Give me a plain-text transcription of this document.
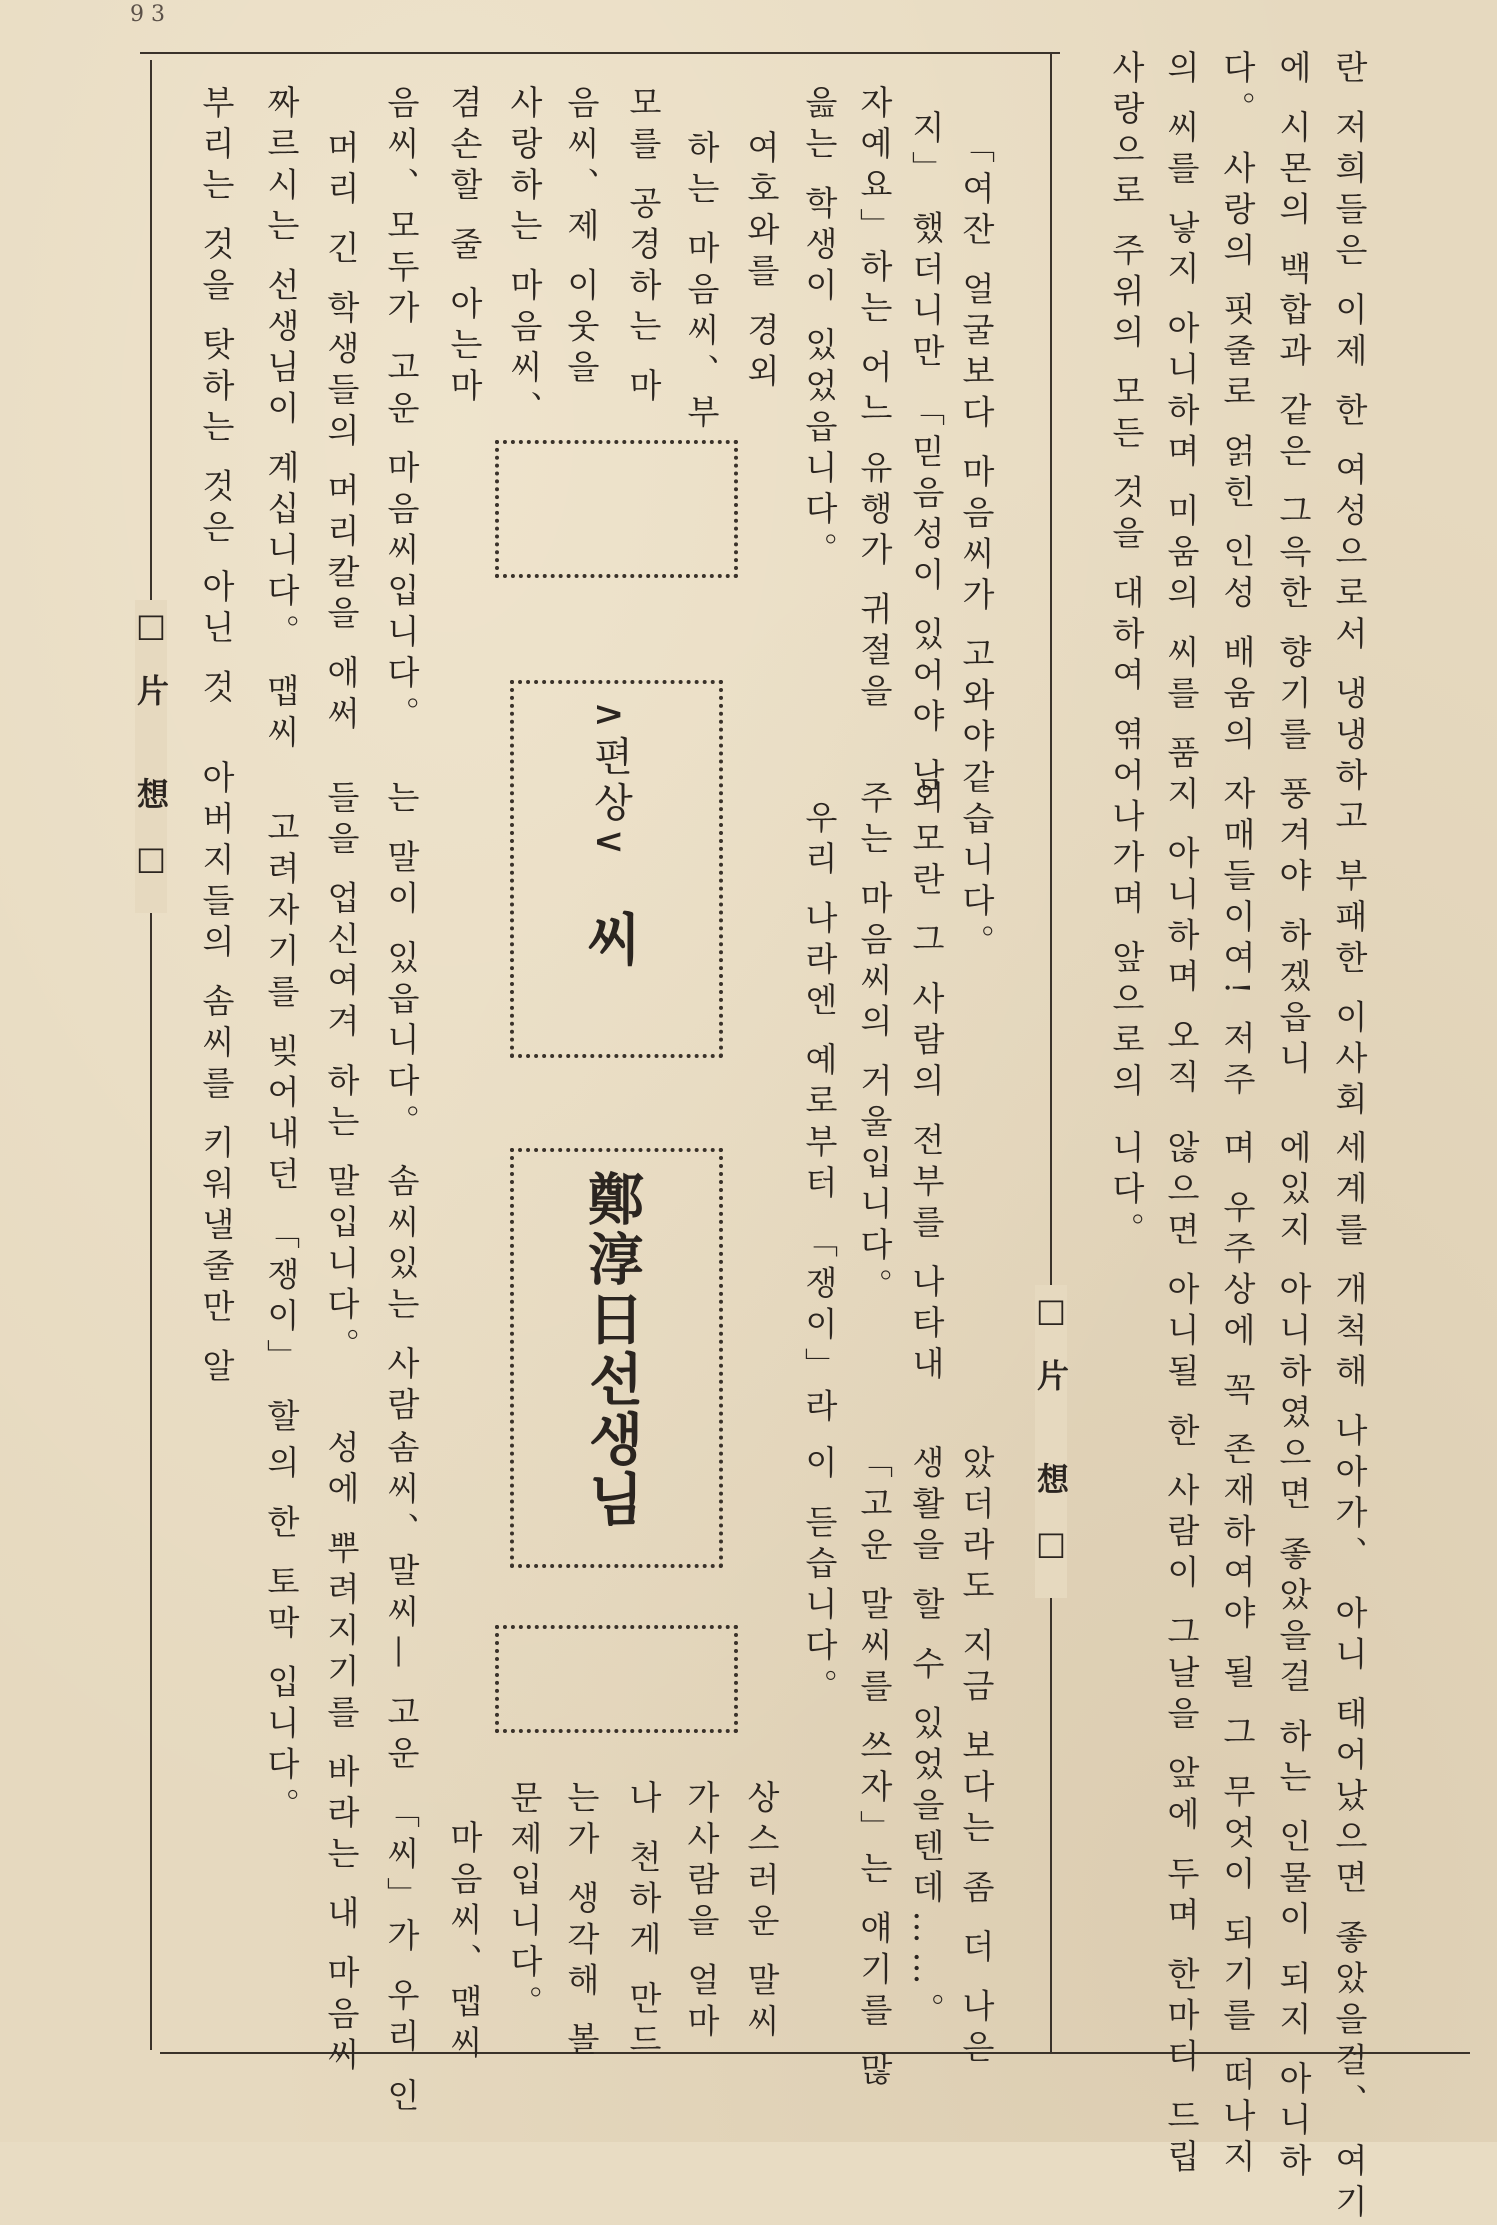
9 3
란 저희들은 이제 한 여성으로서 냉냉하고 부패한 이사회
에 시몬의 백합과 같은 그윽한 향기를 풍겨야 하겠읍니
다。 사랑의 핏줄로 얽힌 인성 배움의 자매들이여! 저주
의 씨를 낳지 아니하며 미움의 씨를 품지 아니하며 오직
사랑으로 주위의 모든 것을 대하여 엮어나가며 앞으로의
□片 想□	세계를 개척해 나아가、 아니 태어났으면 좋았을걸、 여기
에있지 아니하였으면 좋았을걸 하는 인물이 되지 아니하
며 우주상에 꼭 존재하여야 될 그 무엇이 되기를 떠나지
않으면 아니될 한 사람이 그날을 앞에 두며 한마디 드립
니다。
□片 想□	∧편상∨
씨
鄭淳日선생님
「여잔 얼굴보다 마음씨가 고와야
지」 했더니만 「믿음성이 있어야 남
자예요」하는 어느 유행가 귀절을
읊는 학생이 있었읍니다。
여호와를 경외
하는 마음씨、부
모를 공경하는 마
음씨、제 이웃을
사랑하는 마음씨、
겸손할 줄 아는마
음씨、모두가 고운 마음씨입니다。
머리 긴 학생들의 머리칼을 애써
짜르시는 선생님이 계십니다。 맵씨
부리는 것을 탓하는 것은 아닌 것
같습니다。
외모란 그 사람의 전부를 나타내
주는 마음씨의 거울입니다。
우리 나라엔 예로부터 「쟁이」라
는 말이 있읍니다。 솜씨있는 사람
들을 업신여겨 하는 말입니다。
고려자기를 빚어내던 「쟁이」 할
아버지들의 솜씨를 키워낼줄만 알
았더라도 지금 보다는 좀 더 나은
생활을 할 수 있었을텐데……。
「고운 말씨를 쓰자」는 얘기를 많
이 듣습니다。
상스러운 말씨
가사람을 얼마
나 천하게 만드
는가 생각해 볼
문제입니다。
마음씨、맵씨
솜씨、말씨— 고운 「씨」가 우리 인
성에 뿌려지기를 바라는 내 마음씨
의 한 토막 입니다。
